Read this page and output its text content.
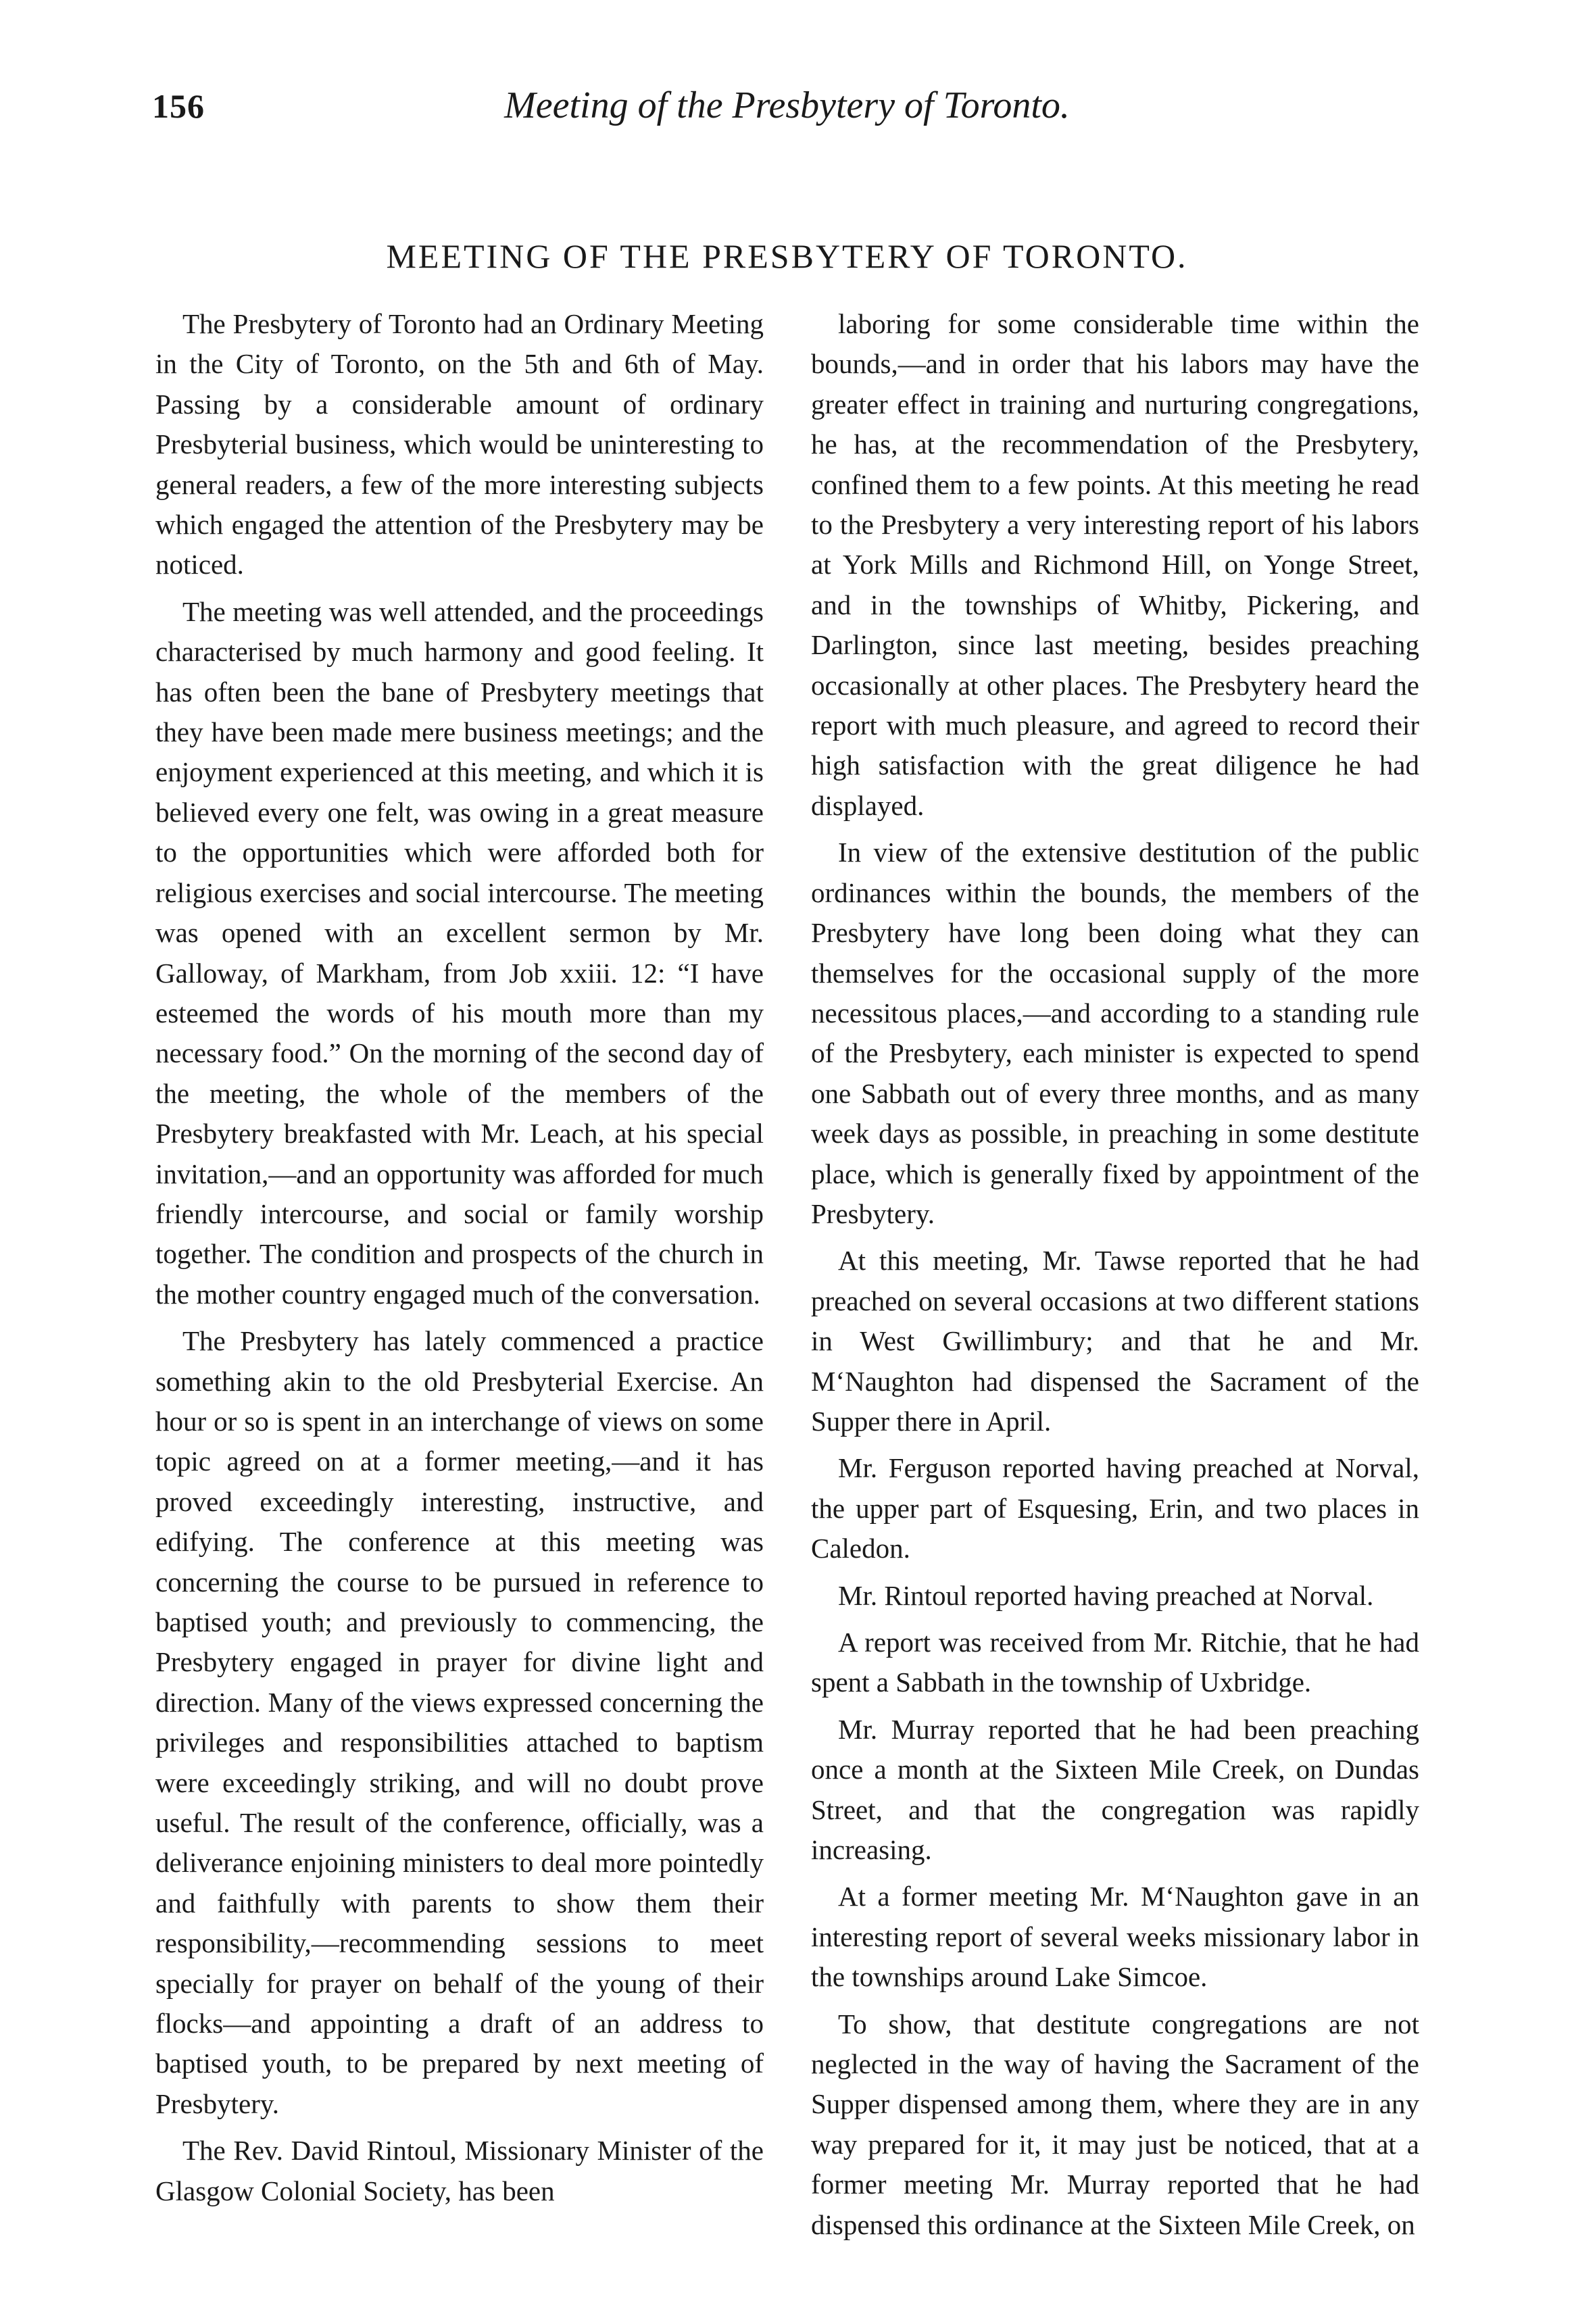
156	Meeting of the Presbytery of Toronto.
MEETING OF THE PRESBYTERY OF TORONTO.

The Presbytery of Toronto had an Ordinary Meeting in the City of Toronto, on the 5th and 6th of May. Passing by a considerable amount of ordinary Presbyterial business, which would be uninteresting to general readers, a few of the more interesting subjects which engaged the attention of the Presbytery may be noticed.

The meeting was well attended, and the proceedings characterised by much harmony and good feeling. It has often been the bane of Presbytery meetings that they have been made mere business meetings; and the enjoyment experienced at this meeting, and which it is believed every one felt, was owing in a great measure to the opportunities which were afforded both for religious exercises and social intercourse. The meeting was opened with an excellent sermon by Mr. Galloway, of Markham, from Job xxiii. 12: “I have esteemed the words of his mouth more than my necessary food.” On the morning of the second day of the meeting, the whole of the members of the Presbytery breakfasted with Mr. Leach, at his special invitation,—and an opportunity was afforded for much friendly intercourse, and social or family worship together. The condition and prospects of the church in the mother country engaged much of the conversation.

The Presbytery has lately commenced a practice something akin to the old Presbyterial Exercise. An hour or so is spent in an interchange of views on some topic agreed on at a former meeting,—and it has proved exceedingly interesting, instructive, and edifying. The conference at this meeting was concerning the course to be pursued in reference to baptised youth; and previously to commencing, the Presbytery engaged in prayer for divine light and direction. Many of the views expressed concerning the privileges and responsibilities attached to baptism were exceedingly striking, and will no doubt prove useful. The result of the conference, officially, was a deliverance enjoining ministers to deal more pointedly and faithfully with parents to show them their responsibility,—recommending sessions to meet specially for prayer on behalf of the young of their flocks—and appointing a draft of an address to baptised youth, to be prepared by next meeting of Presbytery.

The Rev. David Rintoul, Missionary Minister of the Glasgow Colonial Society, has been

laboring for some considerable time within the bounds,—and in order that his labors may have the greater effect in training and nurturing congregations, he has, at the recommendation of the Presbytery, confined them to a few points. At this meeting he read to the Presbytery a very interesting report of his labors at York Mills and Richmond Hill, on Yonge Street, and in the townships of Whitby, Pickering, and Darlington, since last meeting, besides preaching occasionally at other places. The Presbytery heard the report with much pleasure, and agreed to record their high satisfaction with the great diligence he had displayed.

In view of the extensive destitution of the public ordinances within the bounds, the members of the Presbytery have long been doing what they can themselves for the occasional supply of the more necessitous places,—and according to a standing rule of the Presbytery, each minister is expected to spend one Sabbath out of every three months, and as many week days as possible, in preaching in some destitute place, which is generally fixed by appointment of the Presbytery.

At this meeting, Mr. Tawse reported that he had preached on several occasions at two different stations in West Gwillimbury; and that he and Mr. M‘Naughton had dispensed the Sacrament of the Supper there in April.

Mr. Ferguson reported having preached at Norval, the upper part of Esquesing, Erin, and two places in Caledon.

Mr. Rintoul reported having preached at Norval.

A report was received from Mr. Ritchie, that he had spent a Sabbath in the township of Uxbridge.

Mr. Murray reported that he had been preaching once a month at the Sixteen Mile Creek, on Dundas Street, and that the congregation was rapidly increasing.

At a former meeting Mr. M‘Naughton gave in an interesting report of several weeks missionary labor in the townships around Lake Simcoe.

To show, that destitute congregations are not neglected in the way of having the Sacrament of the Supper dispensed among them, where they are in any way prepared for it, it may just be noticed, that at a former meeting Mr. Murray reported that he had dispensed this ordinance at the Sixteen Mile Creek, on
